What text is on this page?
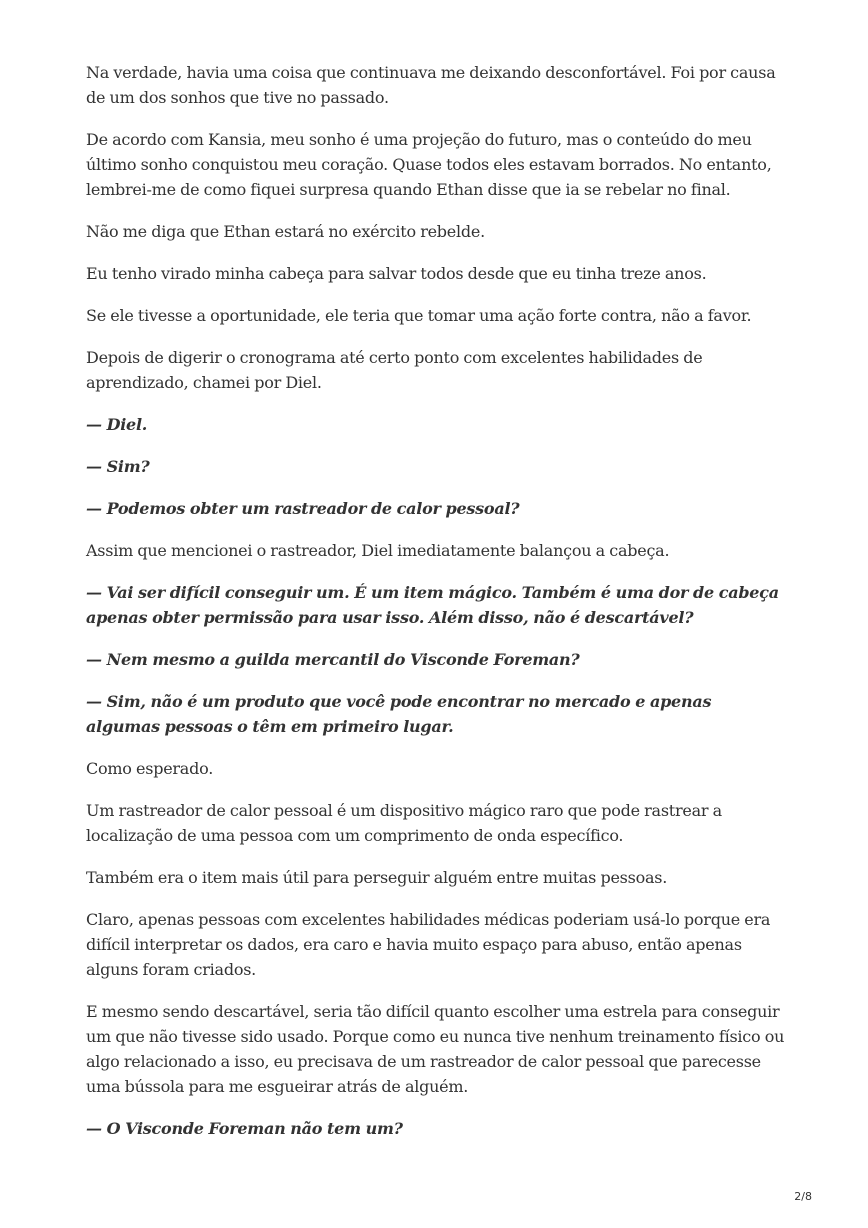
Na verdade, havia uma coisa que continuava me deixando desconfortável. Foi por causa de um dos sonhos que tive no passado.

De acordo com Kansia, meu sonho é uma projeção do futuro, mas o conteúdo do meu último sonho conquistou meu coração. Quase todos eles estavam borrados. No entanto, lembrei-me de como fiquei surpresa quando Ethan disse que ia se rebelar no final.

Não me diga que Ethan estará no exército rebelde.

Eu tenho virado minha cabeça para salvar todos desde que eu tinha treze anos.

Se ele tivesse a oportunidade, ele teria que tomar uma ação forte contra, não a favor.

Depois de digerir o cronograma até certo ponto com excelentes habilidades de aprendizado, chamei por Diel.

— Diel.

— Sim?

— Podemos obter um rastreador de calor pessoal?

Assim que mencionei o rastreador, Diel imediatamente balançou a cabeça.

— Vai ser difícil conseguir um. É um item mágico. Também é uma dor de cabeça apenas obter permissão para usar isso. Além disso, não é descartável?

— Nem mesmo a guilda mercantil do Visconde Foreman?

— Sim, não é um produto que você pode encontrar no mercado e apenas algumas pessoas o têm em primeiro lugar.

Como esperado.

Um rastreador de calor pessoal é um dispositivo mágico raro que pode rastrear a localização de uma pessoa com um comprimento de onda específico.

Também era o item mais útil para perseguir alguém entre muitas pessoas.

Claro, apenas pessoas com excelentes habilidades médicas poderiam usá-lo porque era difícil interpretar os dados, era caro e havia muito espaço para abuso, então apenas alguns foram criados.

E mesmo sendo descartável, seria tão difícil quanto escolher uma estrela para conseguir um que não tivesse sido usado. Porque como eu nunca tive nenhum treinamento físico ou algo relacionado a isso, eu precisava de um rastreador de calor pessoal que parecesse uma bússola para me esgueirar atrás de alguém.

— O Visconde Foreman não tem um?

2/8
